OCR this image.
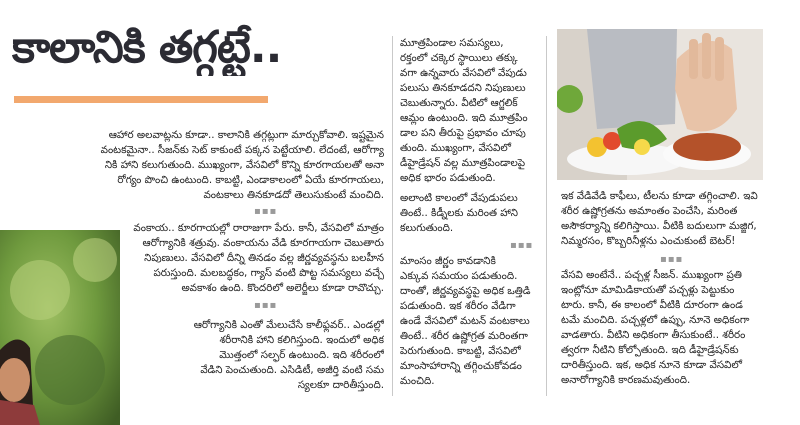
కాలానికి తగ్గట్టే..
ఆహార అలవాట్లను కూడా.. కాలానికి తగ్గట్లుగా మార్చుకోవాలి. ఇష్టమైన
వంటకమైనా.. సీజన్‌కు సెట్ కాకుంటే పక్కన పెట్టేయాలి. లేదంటే, ఆరోగ్యా
నికి హాని కలుగుతుంది. ముఖ్యంగా, వేసవిలో కొన్ని కూరగాయలతో అనా
రోగ్యం పొంచి ఉంటుంది. కాబట్టి, ఎండాకాలంలో ఏయే కూరగాయలు,
వంటకాలు తినకూడదో తెలుసుకుంటే మంచిది.
▪▪▪
వంకాయ.. కూరగాయల్లో రారాజుగా పేరు. కానీ, వేసవిలో మాత్రం
ఆరోగ్యానికి శత్రువు. వంకాయను వేడి కూరగాయగా చెబుతారు
నిపుణులు. వేసవిలో దీన్ని తినడం వల్ల జీర్ణవ్యవస్థను బలహీన
పరుస్తుంది. మలబద్ధకం, గ్యాస్ వంటి పొట్ట సమస్యలు వచ్చే
అవకాశం ఉంది. కొందరిలో అలెర్జీలు కూడా రావొచ్చు.
▪▪▪
ఆరోగ్యానికి ఎంతో మేలుచేసే కాలీఫ్లవర్.. ఎండల్లో
శరీరానికి హాని కలిగిస్తుంది. ఇందులో అధిక
మొత్తంలో సల్ఫర్ ఉంటుంది. ఇది శరీరంలో
వేడిని పెంచుతుంది. ఎసిడిటీ, అజీర్తి వంటి సమ
స్యలకూ దారితీస్తుంది.
మూత్రపిండాల సమస్యలు,
రక్తంలో చక్కెర స్థాయిలు తక్కు
వగా ఉన్నవారు వేసవిలో వేపుడు
పలుసు తినకూడదని నిపుణులు
చెబుతున్నారు. వీటిలో ఆగ్జలిక్
ఆమ్లం ఉంటుంది. ఇది మూత్రపిం
డాల పని తీరుపై ప్రభావం చూపు
తుంది. ముఖ్యంగా, వేసవిలో
డీహైడ్రేషన్ వల్ల మూత్రపిండాలపై
అధిక భారం పడుతుంది.
అలాంటి కాలంలో వేపుడుపలు
తింటే.. కిడ్నీలకు మరింత హాని
కలుగుతుంది.
▪▪▪
మాంసం జీర్ణం కావడానికి
ఎక్కువ సమయం పడుతుంది.
దాంతో, జీర్ణవ్యవస్థపై అధిక ఒత్తిడి
పడుతుంది. ఇక శరీరం వేడిగా
ఉండే వేసవిలో మటన్ వంటకాలు
తింటే.. శరీర ఉష్ణోగ్రత మరింతగా
పెరుగుతుంది. కాబట్టి, వేసవిలో
మాంసాహారాన్ని తగ్గించుకోవడం
మంచిది.
ఇక వేడివేడి కాఫీలు, టీలను కూడా తగ్గించాలి. ఇవి
శరీర ఉష్ణోగ్రతను అమాంతం పెంచేసి, మరింత
అసౌకర్యాన్ని కలిగిస్తాయి. వీటికి బదులుగా మజ్జిగ,
నిమ్మరసం, కొబ్బరినీళ్లను ఎంచుకుంటే బెటర్!
▪▪▪
వేసవి అంటేనే.. పచ్చళ్ల సీజన్. ముఖ్యంగా ప్రతి
ఇంట్లోనూ మామిడికాయతో పచ్చళ్లు పెట్టుకుం
టారు. కానీ, ఈ కాలంలో వీటికి దూరంగా ఉండ
టమే మంచిది. పచ్చళ్లలో ఉప్పు, నూనె అధికంగా
వాడతారు. వీటిని అధికంగా తీసుకుంటే.. శరీరం
త్వరగా నీటిని కోల్పోతుంది. ఇది డీహైడ్రేషన్‌కు
దారితీస్తుంది. ఇక, అధిక నూనె కూడా వేసవిలో
అనారోగ్యానికి కారణమవుతుంది.
